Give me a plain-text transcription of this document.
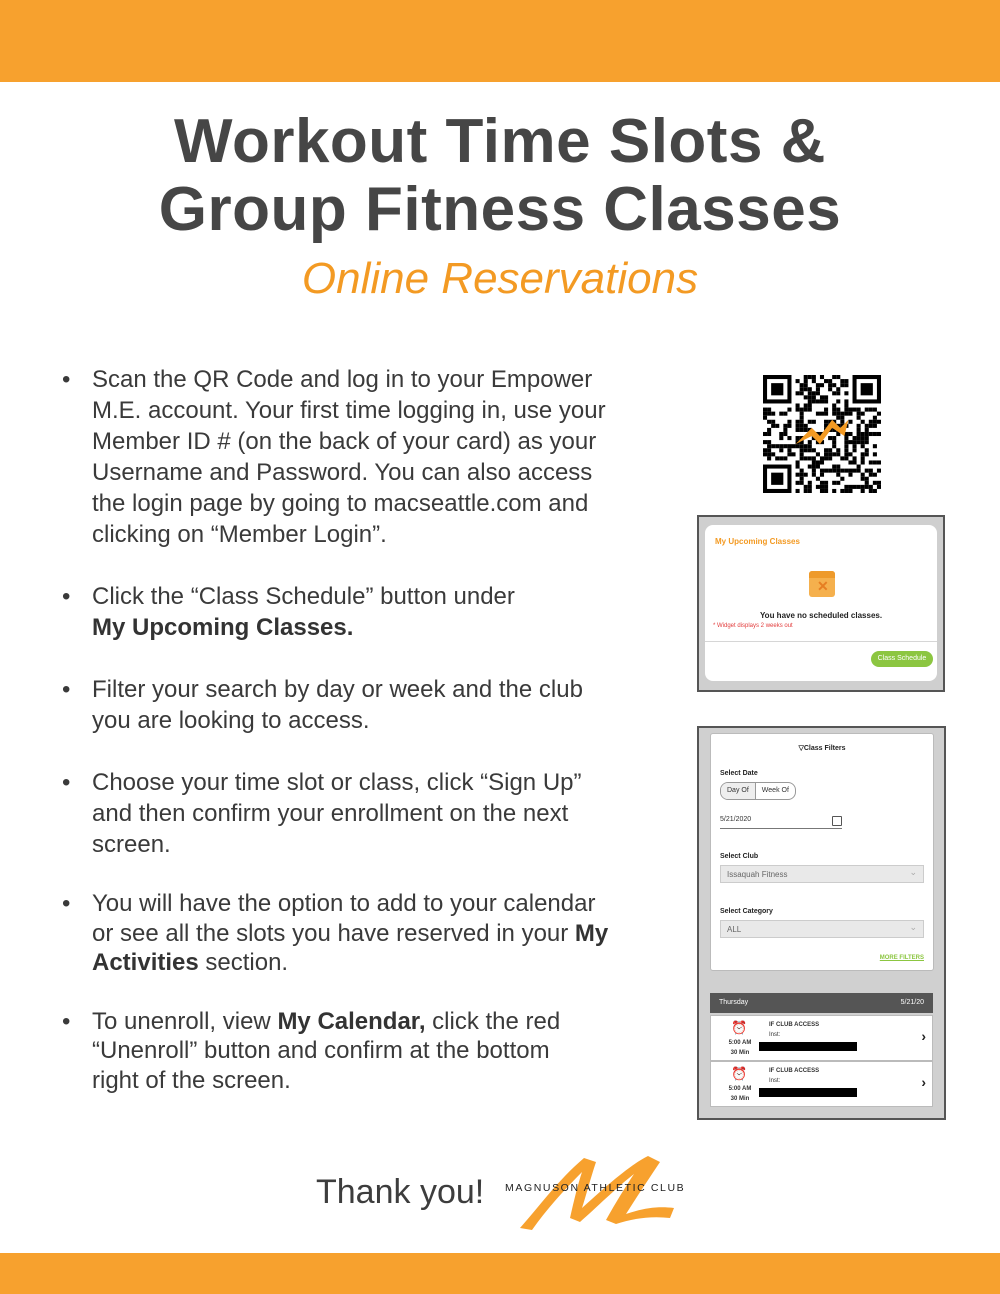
Workout Time Slots &
Group Fitness Classes
Online Reservations
• Scan the QR Code and log in to your Empower
M.E. account. Your first time logging in, use your
Member ID # (on the back of your card) as your
Username and Password. You can also access
the login page by going to macseattle.com and
clicking on “Member Login”.
• Click the “Class Schedule” button under
My Upcoming Classes.
• Filter your search by day or week and the club
you are looking to access.
• Choose your time slot or class, click “Sign Up”
and then confirm your enrollment on the next
screen.
• You will have the option to add to your calendar
or see all the slots you have reserved in your My
Activities section.
• To unenroll, view My Calendar, click the red
“Unenroll” button and confirm at the bottom
right of the screen.
My Upcoming Classes
✕
You have no scheduled classes.
* Widget displays 2 weeks out
Class Schedule
▽Class Filters
Select Date
Day Of	Week Of
5/21/2020
Select Club
Issaquah Fitness ⌄
Select Category
ALL ⌄
MORE FILTERS
Thursday	5/21/20
⏰
5:00 AM
30 Min
IF CLUB ACCESS
Inst:	›
⏰
5:00 AM
30 Min
IF CLUB ACCESS
Inst:	›
Thank you! MAGNUSON ATHLETIC CLUB
